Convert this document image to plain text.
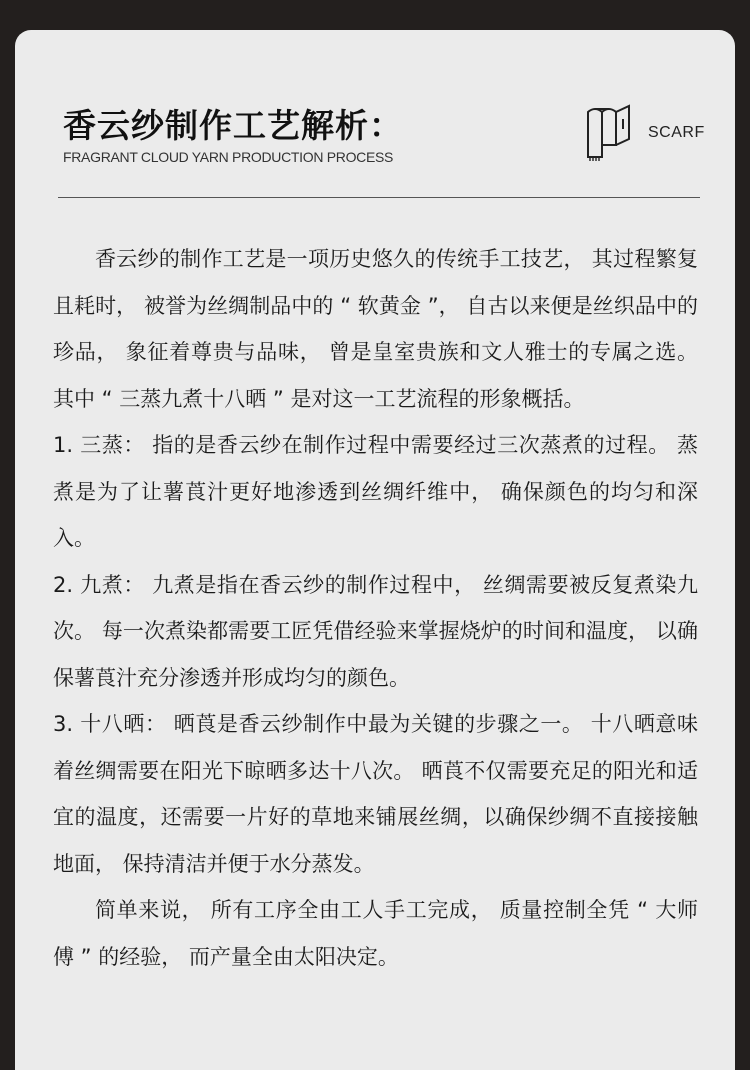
香云纱制作工艺解析：
FRAGRANT CLOUD YARN PRODUCTION PROCESS
SCARF

香云纱的制作工艺是一项历史悠久的传统手工技艺， 其过程繁复且耗时， 被誉为丝绸制品中的 “ 软黄金 ”， 自古以来便是丝织品中的珍品， 象征着尊贵与品味， 曾是皇室贵族和文人雅士的专属之选。 其中 “ 三蒸九煮十八晒 ” 是对这一工艺流程的形象概括。

1. 三蒸： 指的是香云纱在制作过程中需要经过三次蒸煮的过程。 蒸煮是为了让薯莨汁更好地渗透到丝绸纤维中， 确保颜色的均匀和深入。

2. 九煮： 九煮是指在香云纱的制作过程中， 丝绸需要被反复煮染九次。 每一次煮染都需要工匠凭借经验来掌握烧炉的时间和温度， 以确保薯莨汁充分渗透并形成均匀的颜色。

3. 十八晒： 晒莨是香云纱制作中最为关键的步骤之一。 十八晒意味着丝绸需要在阳光下晾晒多达十八次。 晒莨不仅需要充足的阳光和适宜的温度，还需要一片好的草地来铺展丝绸，以确保纱绸不直接接触地面， 保持清洁并便于水分蒸发。

简单来说， 所有工序全由工人手工完成， 质量控制全凭 “ 大师傅 ” 的经验， 而产量全由太阳决定。
